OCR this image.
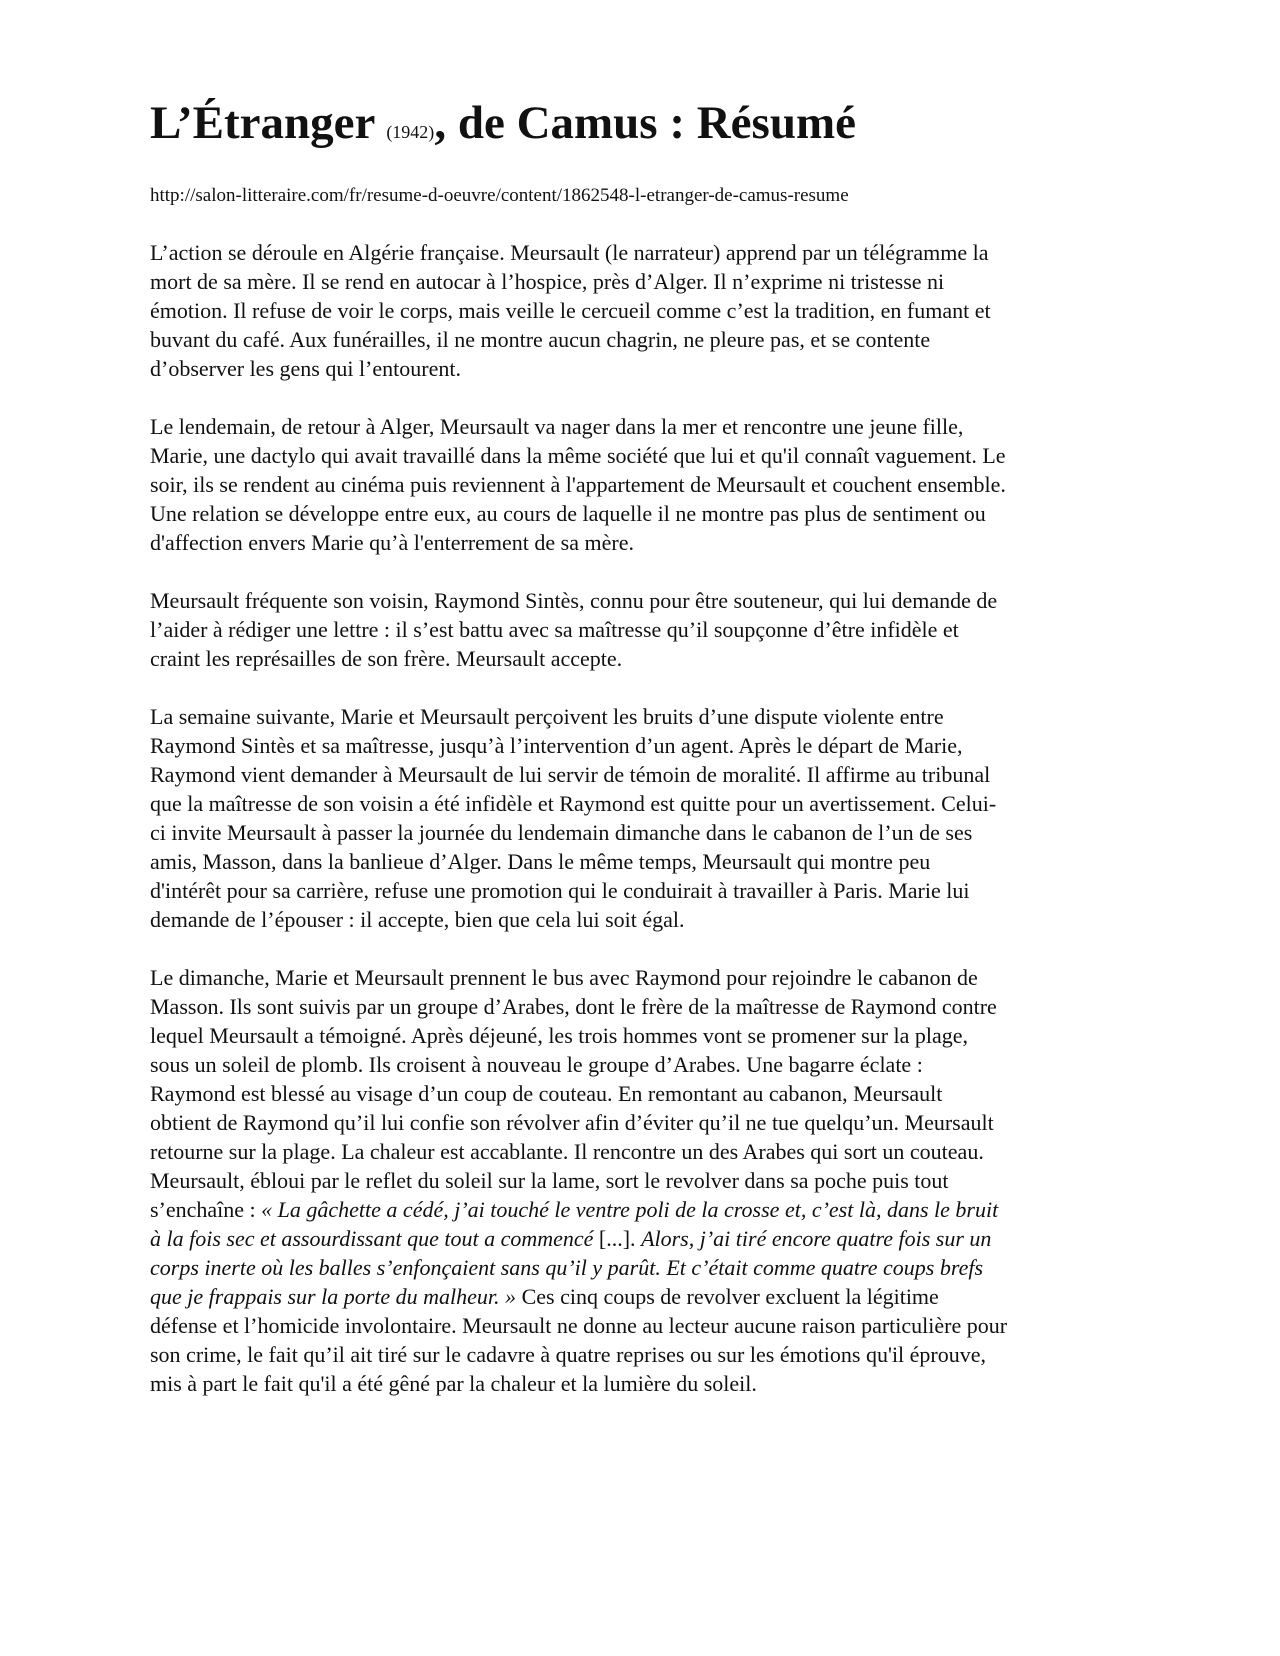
L’Étranger (1942), de Camus : Résumé

http://salon-litteraire.com/fr/resume-d-oeuvre/content/1862548-l-etranger-de-camus-resume

L’action se déroule en Algérie française. Meursault (le narrateur) apprend par un télégramme la
mort de sa mère. Il se rend en autocar à l’hospice, près d’Alger. Il n’exprime ni tristesse ni
émotion. Il refuse de voir le corps, mais veille le cercueil comme c’est la tradition, en fumant et
buvant du café. Aux funérailles, il ne montre aucun chagrin, ne pleure pas, et se contente
d’observer les gens qui l’entourent.

Le lendemain, de retour à Alger, Meursault va nager dans la mer et rencontre une jeune fille,
Marie, une dactylo qui avait travaillé dans la même société que lui et qu'il connaît vaguement. Le
soir, ils se rendent au cinéma puis reviennent à l'appartement de Meursault et couchent ensemble.
Une relation se développe entre eux, au cours de laquelle il ne montre pas plus de sentiment ou
d'affection envers Marie qu’à l'enterrement de sa mère.

Meursault fréquente son voisin, Raymond Sintès, connu pour être souteneur, qui lui demande de
l’aider à rédiger une lettre : il s’est battu avec sa maîtresse qu’il soupçonne d’être infidèle et
craint les représailles de son frère. Meursault accepte.

La semaine suivante, Marie et Meursault perçoivent les bruits d’une dispute violente entre
Raymond Sintès et sa maîtresse, jusqu’à l’intervention d’un agent. Après le départ de Marie,
Raymond vient demander à Meursault de lui servir de témoin de moralité. Il affirme au tribunal
que la maîtresse de son voisin a été infidèle et Raymond est quitte pour un avertissement. Celui-
ci invite Meursault à passer la journée du lendemain dimanche dans le cabanon de l’un de ses
amis, Masson, dans la banlieue d’Alger. Dans le même temps, Meursault qui montre peu
d'intérêt pour sa carrière, refuse une promotion qui le conduirait à travailler à Paris. Marie lui
demande de l’épouser : il accepte, bien que cela lui soit égal.

Le dimanche, Marie et Meursault prennent le bus avec Raymond pour rejoindre le cabanon de
Masson. Ils sont suivis par un groupe d’Arabes, dont le frère de la maîtresse de Raymond contre
lequel Meursault a témoigné. Après déjeuné, les trois hommes vont se promener sur la plage,
sous un soleil de plomb. Ils croisent à nouveau le groupe d’Arabes. Une bagarre éclate :
Raymond est blessé au visage d’un coup de couteau. En remontant au cabanon, Meursault
obtient de Raymond qu’il lui confie son révolver afin d’éviter qu’il ne tue quelqu’un. Meursault
retourne sur la plage. La chaleur est accablante. Il rencontre un des Arabes qui sort un couteau.
Meursault, ébloui par le reflet du soleil sur la lame, sort le revolver dans sa poche puis tout
s’enchaîne : « La gâchette a cédé, j’ai touché le ventre poli de la crosse et, c’est là, dans le bruit
à la fois sec et assourdissant que tout a commencé [...]. Alors, j’ai tiré encore quatre fois sur un
corps inerte où les balles s’enfonçaient sans qu’il y parût. Et c’était comme quatre coups brefs
que je frappais sur la porte du malheur. » Ces cinq coups de revolver excluent la légitime
défense et l’homicide involontaire. Meursault ne donne au lecteur aucune raison particulière pour
son crime, le fait qu’il ait tiré sur le cadavre à quatre reprises ou sur les émotions qu'il éprouve,
mis à part le fait qu'il a été gêné par la chaleur et la lumière du soleil.
